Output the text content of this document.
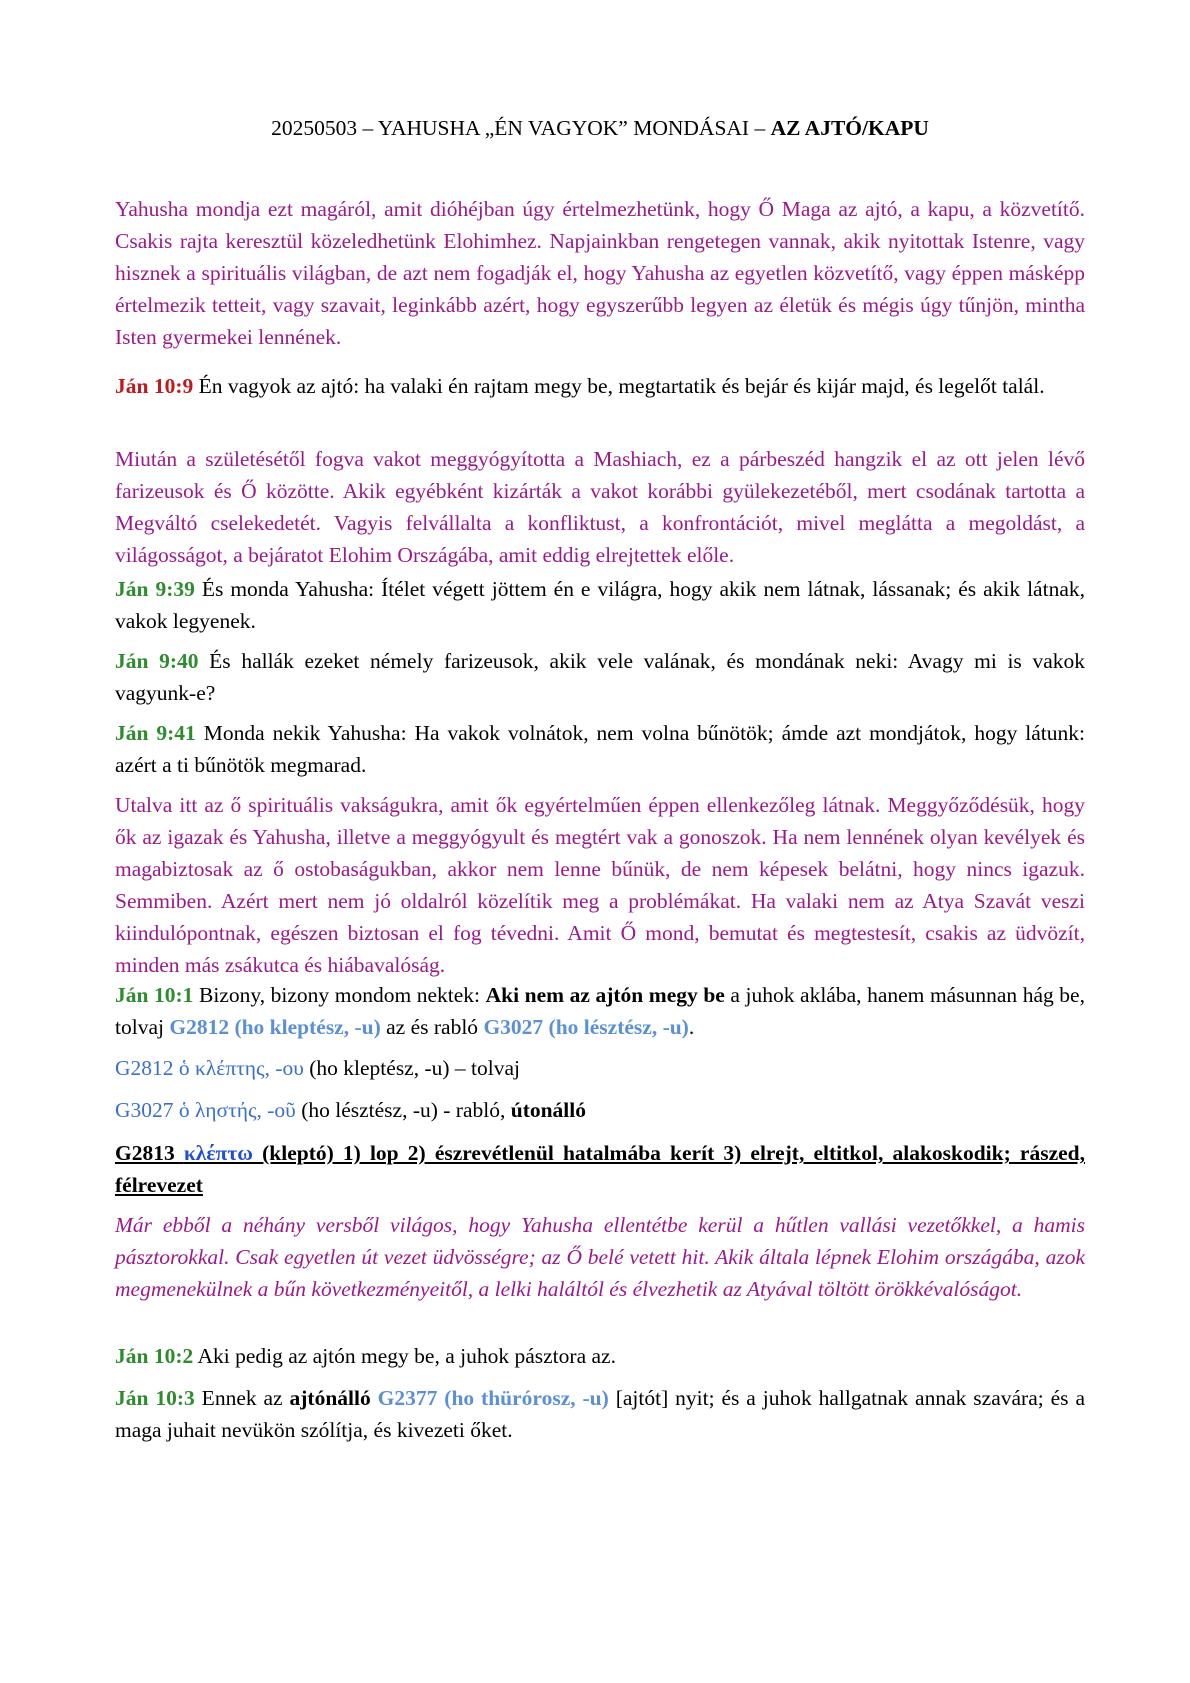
20250503 – YAHUSHA „ÉN VAGYOK” MONDÁSAI – AZ AJTÓ/KAPU

Yahusha mondja ezt magáról, amit dióhéjban úgy értelmezhetünk, hogy Ő Maga az ajtó, a kapu, a közvetítő. Csakis rajta keresztül közeledhetünk Elohimhez. Napjainkban rengetegen vannak, akik nyitottak Istenre, vagy hisznek a spirituális világban, de azt nem fogadják el, hogy Yahusha az egyetlen közvetítő, vagy éppen másképp értelmezik tetteit, vagy szavait, leginkább azért, hogy egyszerűbb legyen az életük és mégis úgy tűnjön, mintha Isten gyermekei lennének.

Ján 10:9 Én vagyok az ajtó: ha valaki én rajtam megy be, megtartatik és bejár és kijár majd, és legelőt talál.

Miután a születésétől fogva vakot meggyógyította a Mashiach, ez a párbeszéd hangzik el az ott jelen lévő farizeusok és Ő közötte. Akik egyébként kizárták a vakot korábbi gyülekezetéből, mert csodának tartotta a Megváltó cselekedetét. Vagyis felvállalta a konfliktust, a konfrontációt, mivel meglátta a megoldást, a világosságot, a bejáratot Elohim Országába, amit eddig elrejtettek előle.

Ján 9:39 És monda Yahusha: Ítélet végett jöttem én e világra, hogy akik nem látnak, lássanak; és akik látnak, vakok legyenek.

Ján 9:40 És hallák ezeket némely farizeusok, akik vele valának, és mondának neki: Avagy mi is vakok vagyunk-e?

Ján 9:41 Monda nekik Yahusha: Ha vakok volnátok, nem volna bűnötök; ámde azt mondjátok, hogy látunk: azért a ti bűnötök megmarad.

Utalva itt az ő spirituális vakságukra, amit ők egyértelműen éppen ellenkezőleg látnak. Meggyőződésük, hogy ők az igazak és Yahusha, illetve a meggyógyult és megtért vak a gonoszok. Ha nem lennének olyan kevélyek és magabiztosak az ő ostobaságukban, akkor nem lenne bűnük, de nem képesek belátni, hogy nincs igazuk. Semmiben. Azért mert nem jó oldalról közelítik meg a problémákat. Ha valaki nem az Atya Szavát veszi kiindulópontnak, egészen biztosan el fog tévedni. Amit Ő mond, bemutat és megtestesít, csakis az üdvözít, minden más zsákutca és hiábavalóság.

Ján 10:1 Bizony, bizony mondom nektek: Aki nem az ajtón megy be a juhok aklába, hanem másunnan hág be, tolvaj G2812 (ho kleptész, -u) az és rabló G3027 (ho lésztész, -u).

G2812 ὁ κλέπτης, -ου (ho kleptész, -u) – tolvaj

G3027 ὁ ληστής, -οῦ (ho lésztész, -u) - rabló, útonálló

G2813 κλέπτω (kleptó) 1) lop 2) észrevétlenül hatalmába kerít 3) elrejt, eltitkol, alakoskodik; rászed, félrevezet

Már ebből a néhány versből világos, hogy Yahusha ellentétbe kerül a hűtlen vallási vezetőkkel, a hamis pásztorokkal. Csak egyetlen út vezet üdvösségre; az Ő belé vetett hit. Akik általa lépnek Elohim országába, azok megmenekülnek a bűn következményeitől, a lelki haláltól és élvezhetik az Atyával töltött örökkévalóságot.

Ján 10:2 Aki pedig az ajtón megy be, a juhok pásztora az.

Ján 10:3 Ennek az ajtónálló G2377 (ho thürórosz, -u) [ajtót] nyit; és a juhok hallgatnak annak szavára; és a maga juhait nevükön szólítja, és kivezeti őket.
